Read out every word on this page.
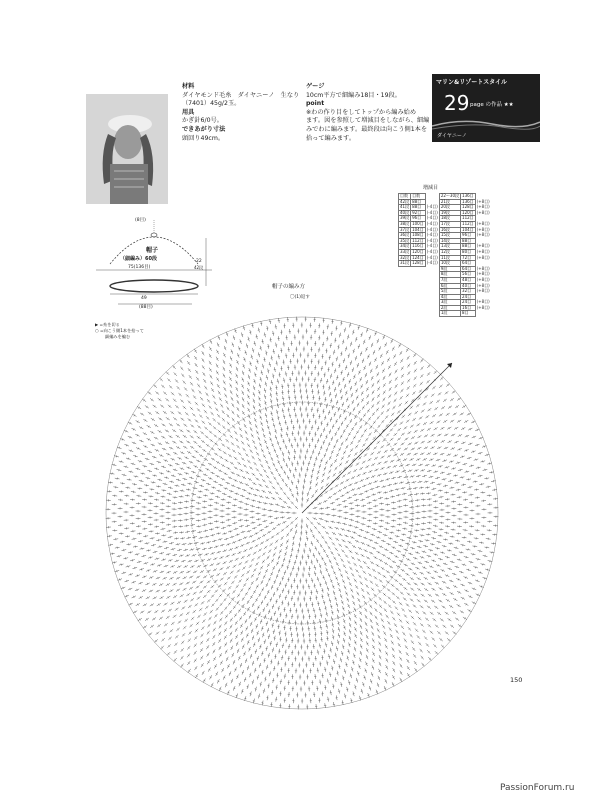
材料
ダイヤモンド毛糸　ダイヤニーノ　生なり
（7401）45g/2玉。
用具
かぎ針6/0号。
できあがり寸法
頭回り49cm。
ゲージ
10cm平方で細編み18目・19段。
point
※わの作り目をしてトップから編み始め
ます。図を参照して増減目をしながら、細編
みでわに編みます。最終段は向こう側1本を
拾って編みます。
マリン&リゾートスタイル
29 page の作品 ★★
ダイヤニーノ
増減目
目数	目数		22〜30段	136目	
42段	88目		21段	136目	(+8目)
41段	88目	(-4目)	20段	128目	(+8目)
40段	92目	(-4目)	19段	120目	(+8目)
39段	96目	(-4目)	18段	112目	
38段	100目	(-4目)	17段	112目	(+8目)
37段	104目	(-4目)	16段	104目	(+8目)
36段	108目	(-4目)	15段	96目	(+8目)
35段	112目	(-4目)	14段	88目	
34段	116目	(-4目)	13段	88目	(+8目)
33段	120目	(-4目)	12段	80目	(+8目)
32段	124目	(-4目)	11段	72目	(+8目)
31段	128目	(-4目)	10段	64目	
			9段	64目	(+8目)
			8段	56目	(+8目)
			7段	48目	(+8目)
			6段	40目	(+8目)
			5段	32目	(+8目)
			4段	24目	
			3段	24目	(+8目)
			2段	16目	(+8目)
			1段	8目	
(8目)
帽子
（細編み）60段
75(136目)
22
42段
49
(88目)
▶ =糸を切る
○ =向こう側1本を拾って
細編みを編む
帽子の編み方
〇(1)返す
150
PassionForum.ru
